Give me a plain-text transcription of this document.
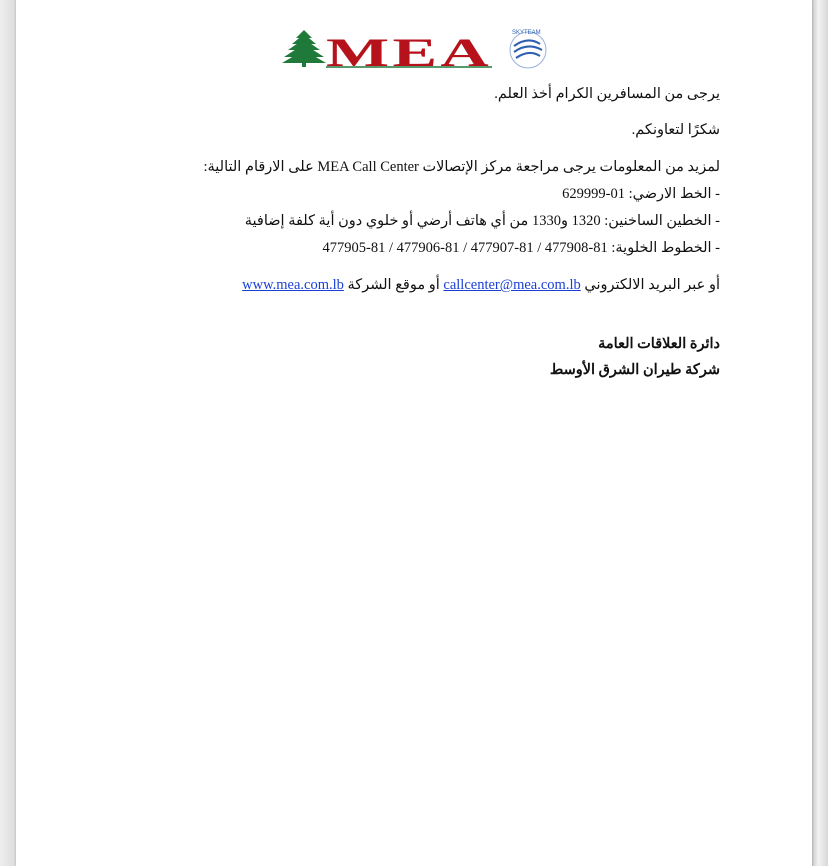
MEA	SKYTEAM
يرجى من المسافرين الكرام أخذ العلم.
شكرًا لتعاونكم.
لمزيد من المعلومات يرجى مراجعة مركز الإتصالات MEA Call Center على الارقام التالية:
- الخط الارضي: 01-629999
- الخطين الساخنين: 1320 و1330 من أي هاتف أرضي أو خلوي دون أية كلفة إضافية
- الخطوط الخلوية: 81-477908 / 81-477907 / 81-477906 / 81-477905
أو عبر البريد الالكتروني callcenter@mea.com.lb أو موقع الشركة www.mea.com.lb
دائرة العلاقات العامة
شركة طيران الشرق الأوسط
